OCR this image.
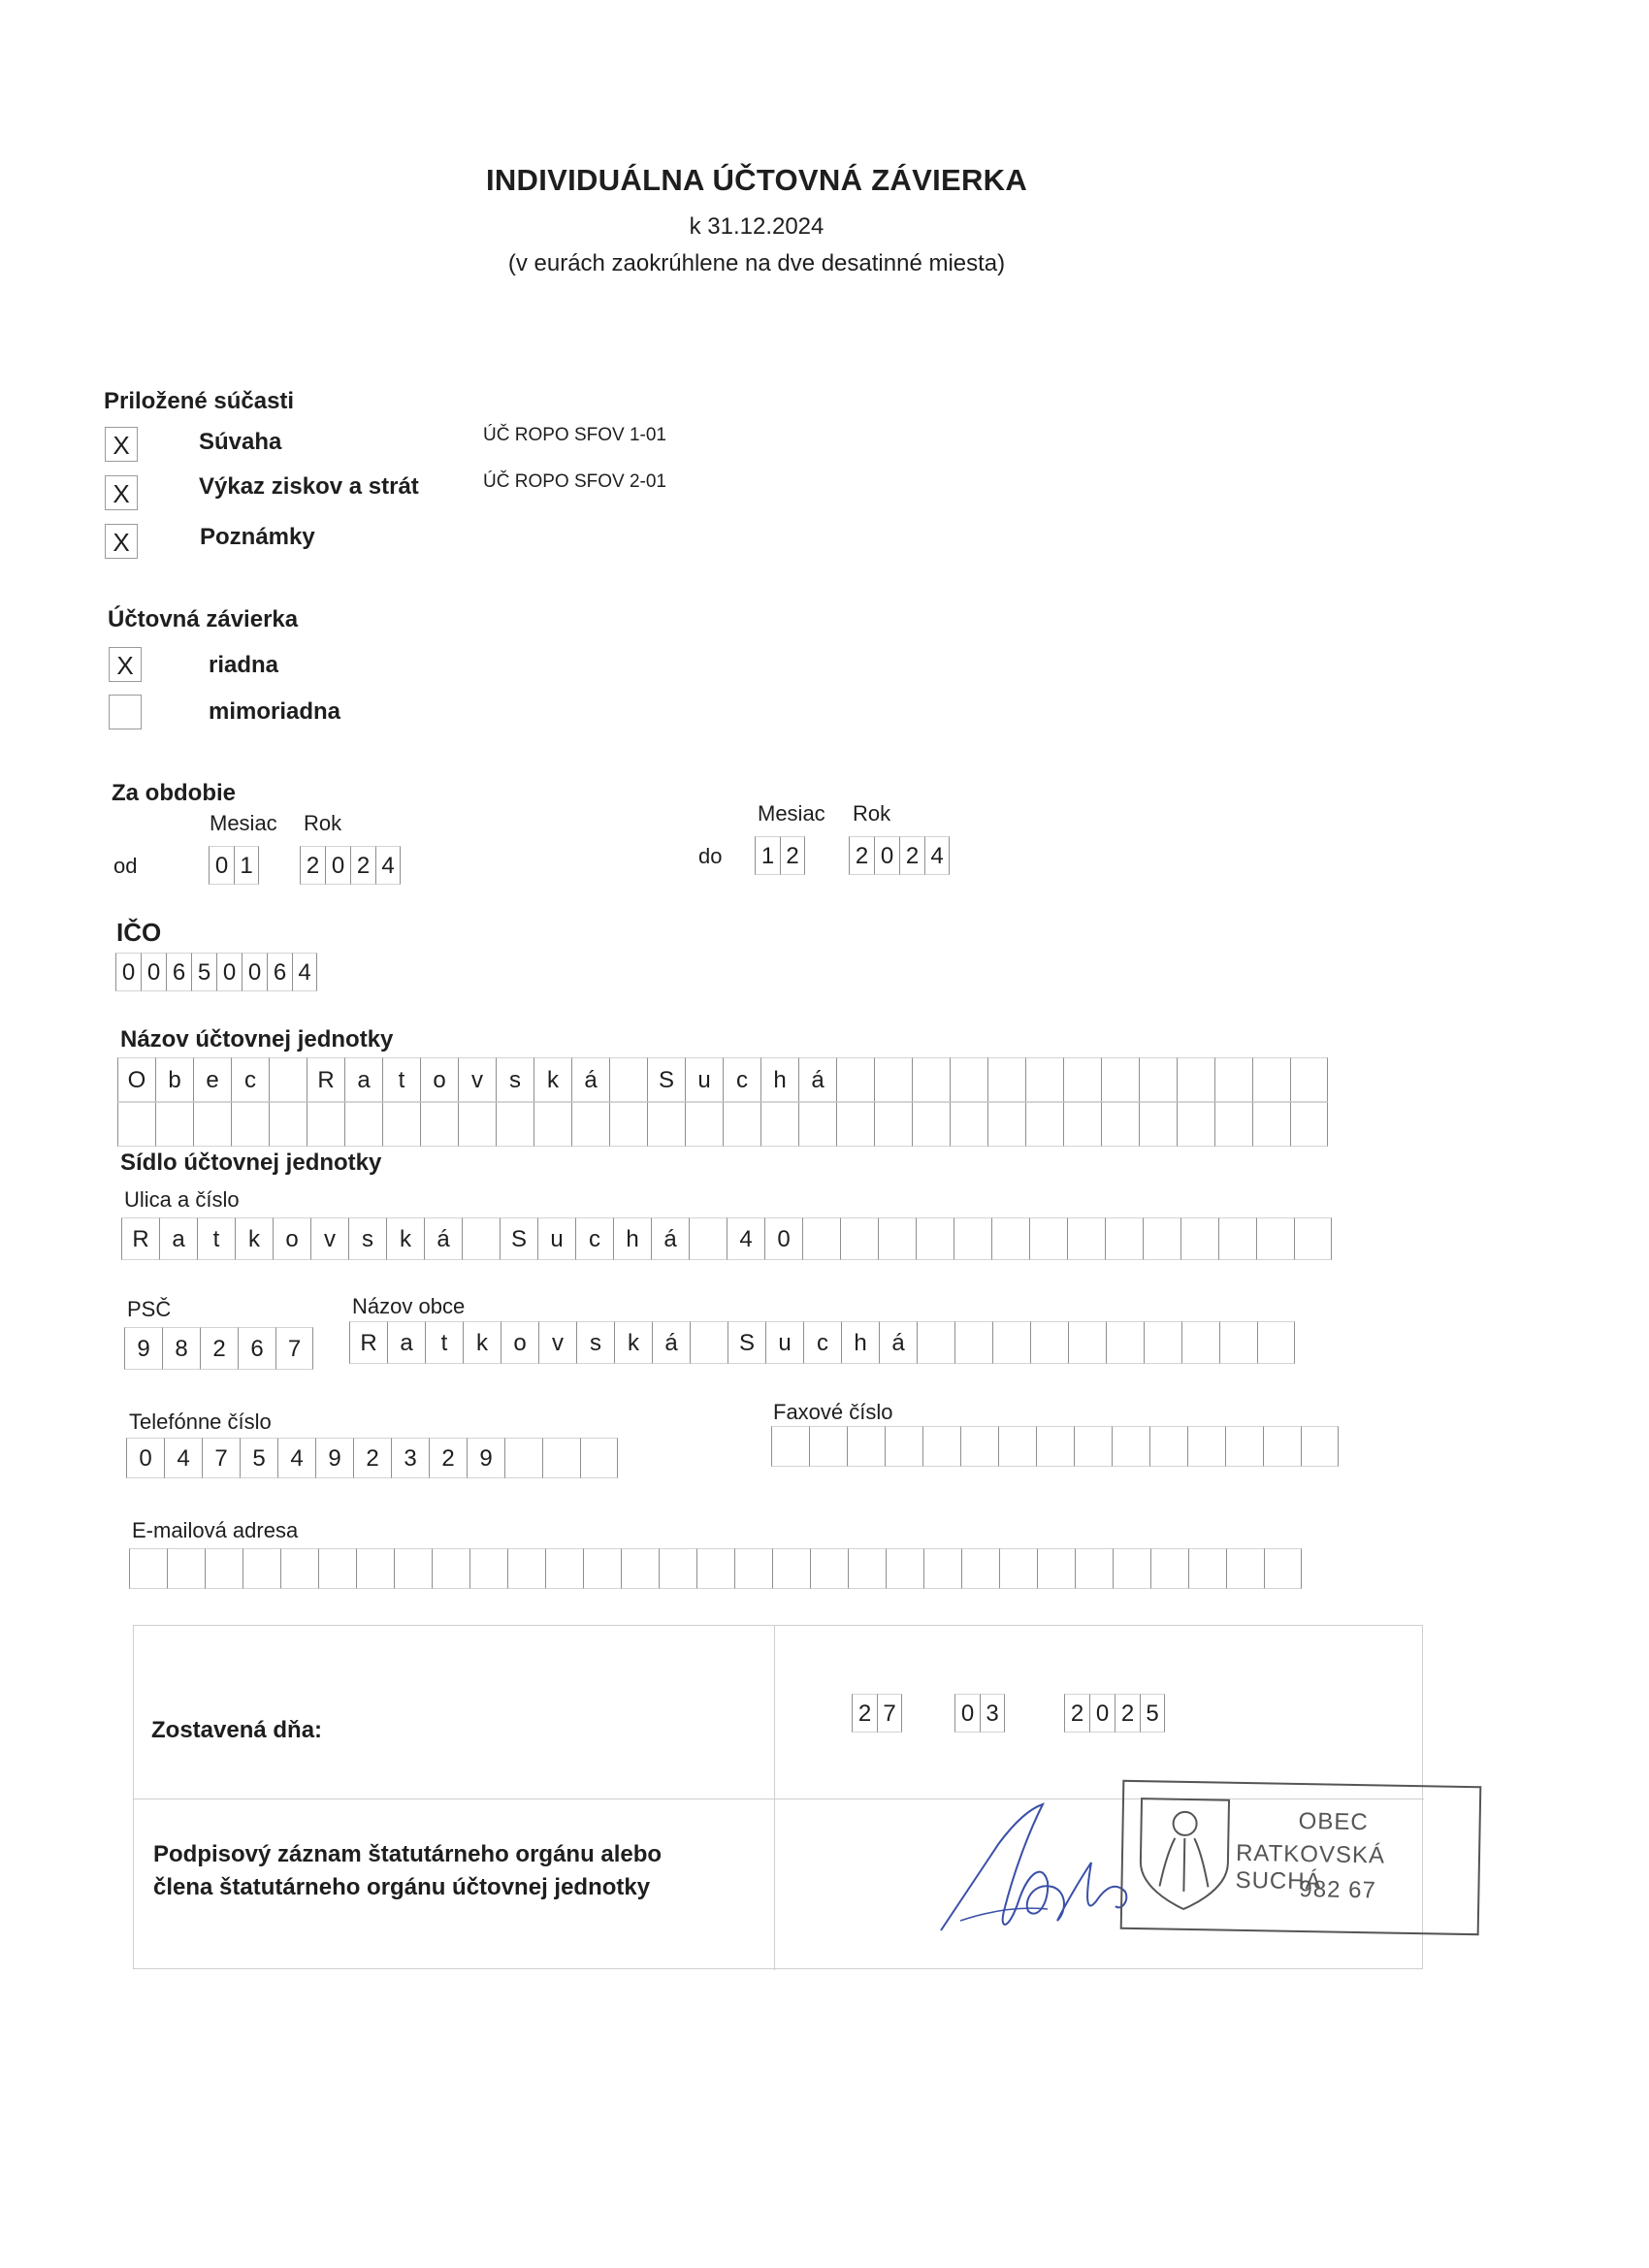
INDIVIDUÁLNA ÚČTOVNÁ ZÁVIERKA
k 31.12.2024
(v eurách zaokrúhlene na dve desatinné miesta)
Priložené súčasti
X	Súvaha	ÚČ ROPO SFOV 1-01
X	Výkaz ziskov a strát	ÚČ ROPO SFOV 2-01
X	Poznámky
Účtovná závierka
X	riadna
mimoriadna
Za obdobie
Mesiac Rok
od	0 1 2 0 2 4
Mesiac Rok
do 1 2 2 0 2 4
IČO
0 0 6 5 0 0 6 4
Názov účtovnej jednotky
O b	e	c	R a	t	o	v	s	k	á	S	u	c	h	á
Sídlo účtovnej jednotky
Ulica a číslo
R a	t	k	o	v	s	k	á	S	u	c	h	á	4	0
PSČ	Názov obce
9	8	2	6	7	R a	t	k	o	v	s	k	á	S	u	c	h	á
Telefónne číslo	Faxové číslo
0	4	7	5	4	9	2	3	2	9
E-mailová adresa
Zostavená dňa:
2 7	0 3	2 0 2 5
Podpisový záznam štatutárneho orgánu alebo
člena štatutárneho orgánu účtovnej jednotky
OBEC
RATKOVSKÁ SUCHÁ
982 67
